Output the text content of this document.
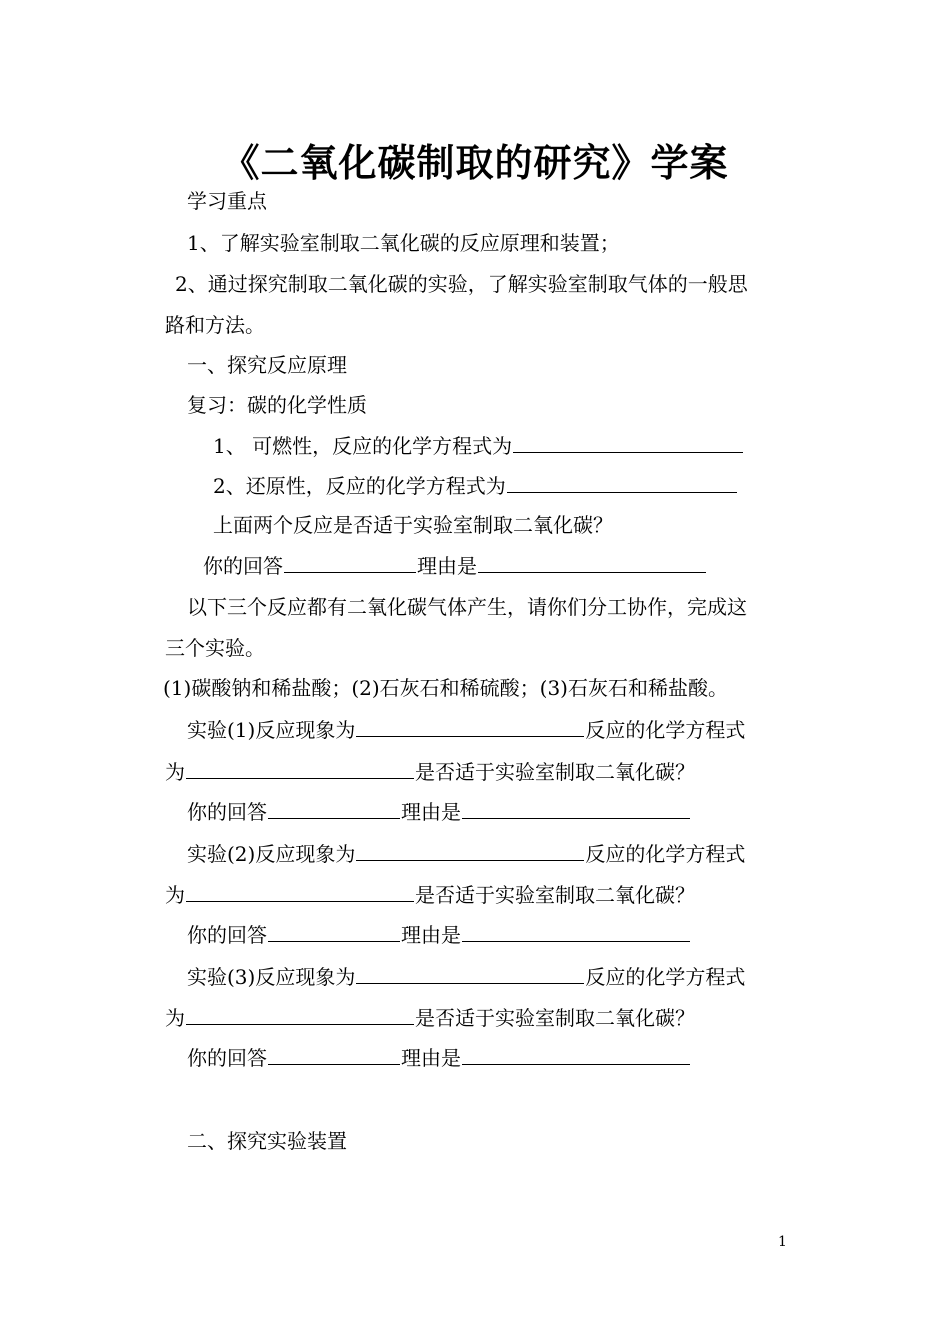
《二氧化碳制取的研究》学案
学习重点
1、了解实验室制取二氧化碳的反应原理和装置；
2、通过探究制取二氧化碳的实验，了解实验室制取气体的一般思
路和方法。
一、探究反应原理
复习：碳的化学性质
1、 可燃性，反应的化学方程式为
2、还原性，反应的化学方程式为
上面两个反应是否适于实验室制取二氧化碳？
你的回答	理由是
以下三个反应都有二氧化碳气体产生，请你们分工协作，完成这
三个实验。
(1)碳酸钠和稀盐酸；(2)石灰石和稀硫酸；(3)石灰石和稀盐酸。
实验(1)反应现象为	反应的化学方程式
为	是否适于实验室制取二氧化碳？
你的回答	理由是
实验(2)反应现象为	反应的化学方程式
为	是否适于实验室制取二氧化碳？
你的回答	理由是
实验(3)反应现象为	反应的化学方程式
为	是否适于实验室制取二氧化碳？
你的回答	理由是
二、探究实验装置
1
